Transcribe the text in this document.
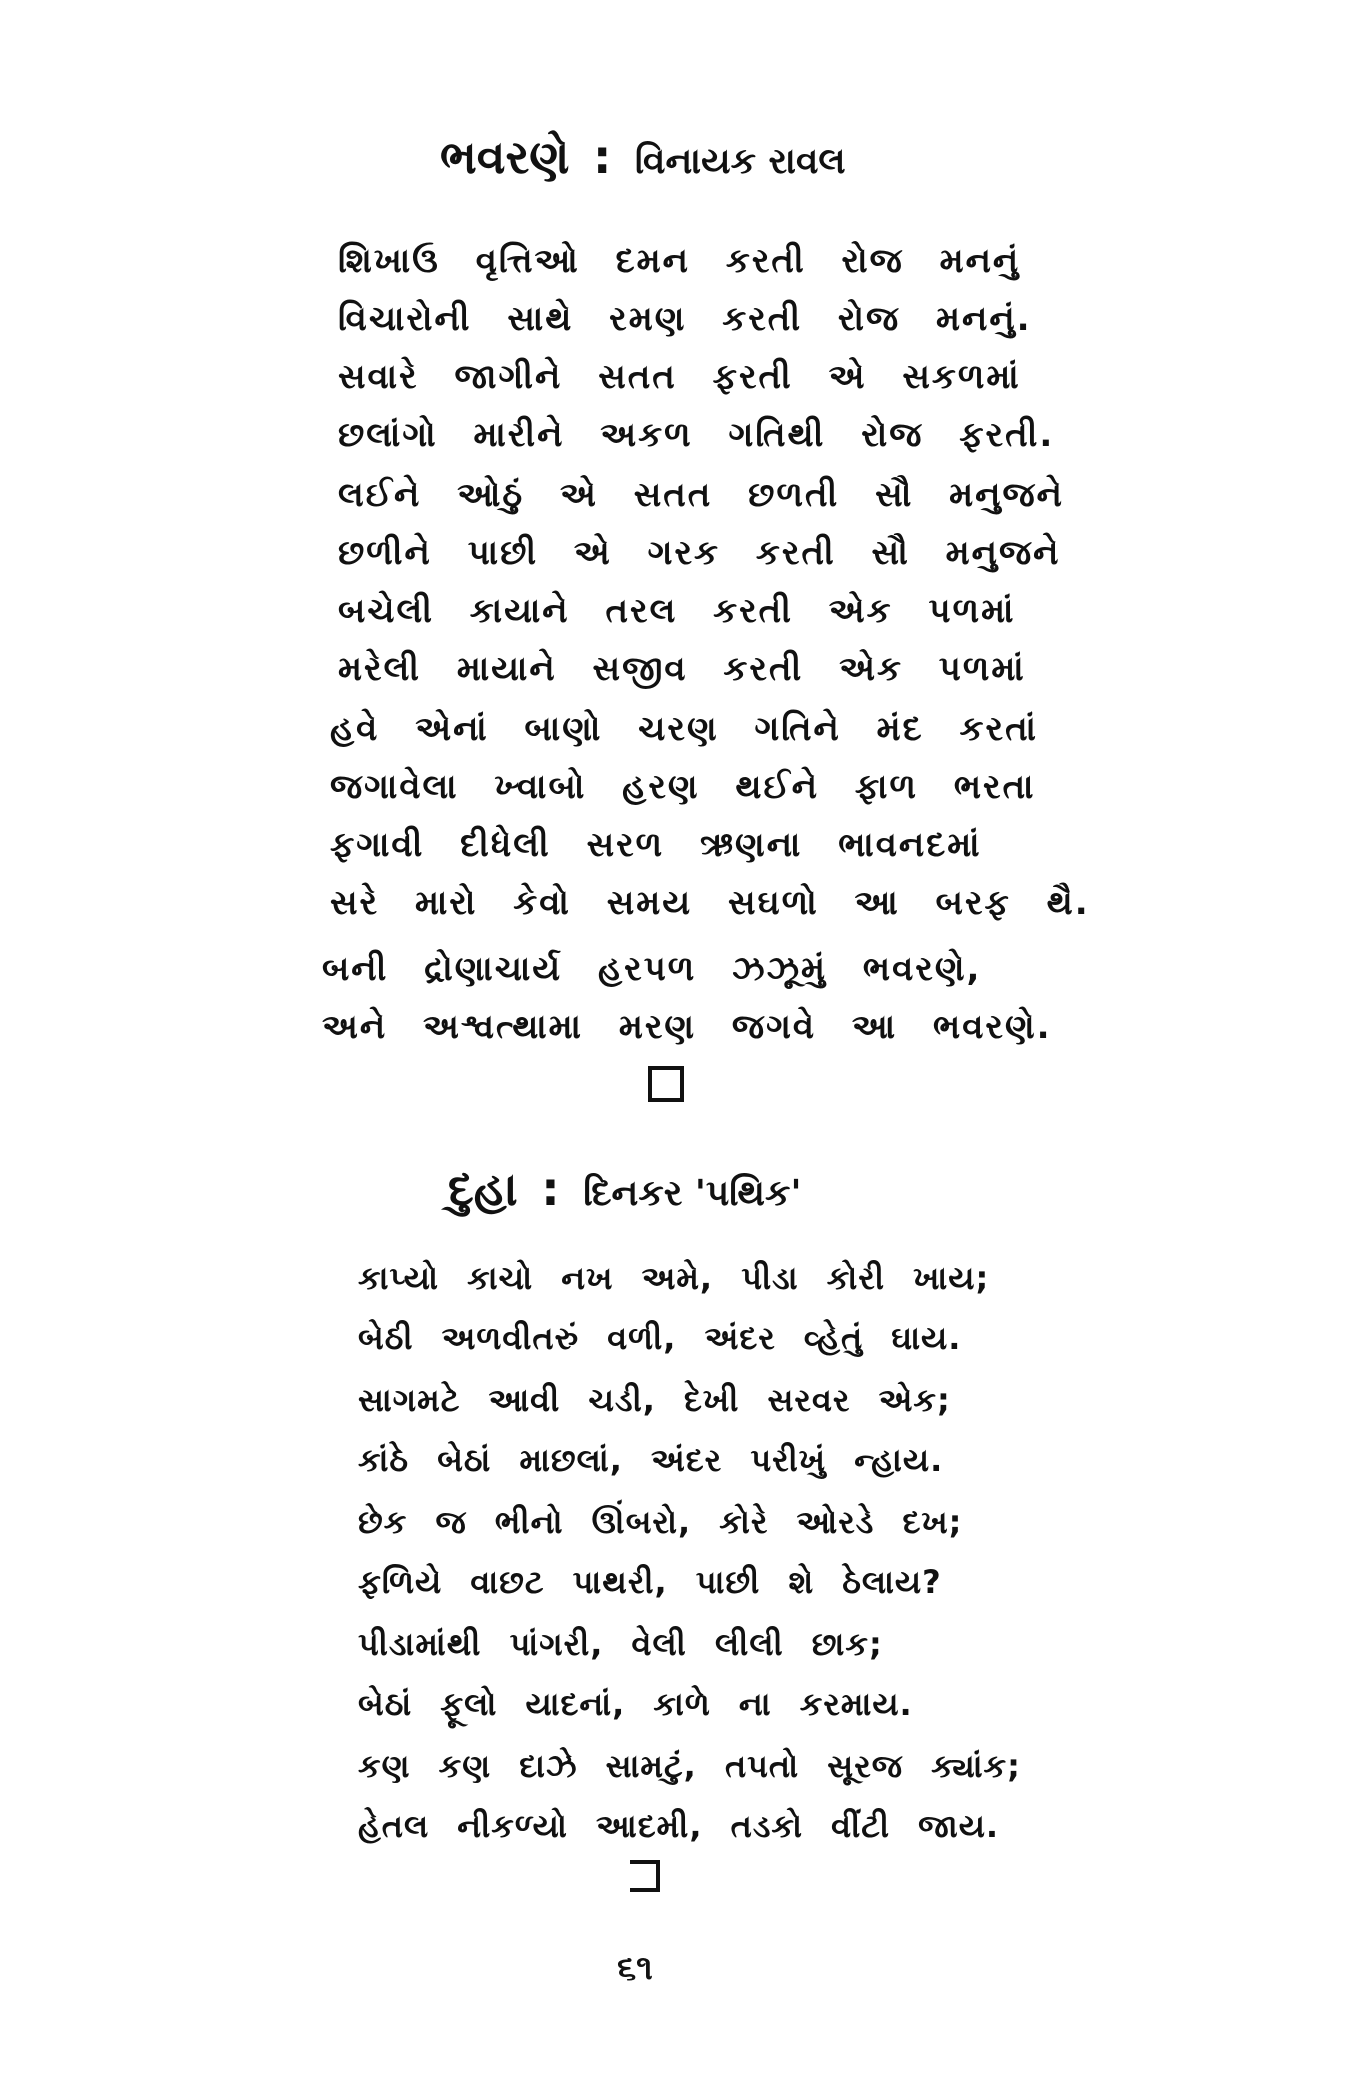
ભવરણે : વિનાયક રાવલ
શિખાઉ વૃત્તિઓ દમન કરતી રોજ મનનું
વિચારોની સાથે રમણ કરતી રોજ મનનું.
સવારે જાગીને સતત ફરતી એ સકળમાં
છલાંગો મારીને અકળ ગતિથી રોજ ફરતી.
લઈને ઓઠું એ સતત છળતી સૌ મનુજને
છળીને પાછી એ ગરક કરતી સૌ મનુજને
બચેલી કાયાને તરલ કરતી એક પળમાં
મરેલી માયાને સજીવ કરતી એક પળમાં
હવે એનાં બાણો ચરણ ગતિને મંદ કરતાં
જગાવેલા ખ્વાબો હરણ થઈને ફાળ ભરતા
ફગાવી દીધેલી સરળ ઋણના ભાવનદમાં
સરે મારો કેવો સમય સઘળો આ બરફ થૈ.
બની દ્રોણાચાર્ય હરપળ ઝઝૂમું ભવરણે,
અને અશ્વત્થામા મરણ જગવે આ ભવરણે.
દુહા : દિનકર 'પથિક'
કાપ્યો કાચો નખ અમે, પીડા કોરી ખાય;
બેઠી અળવીતરું વળી, અંદર વ્હેતું ઘાય.
સાગમટે આવી ચડી, દેખી સરવર એક;
કાંઠે બેઠાં માછલાં, અંદર પરીખું ન્હાય.
છેક જ ભીનો ઊંબરો, કોરે ઓરડે દખ;
ફળિયે વાછટ પાથરી, પાછી શે ઠેલાય?
પીડામાંથી પાંગરી, વેલી લીલી છાક;
બેઠાં ફૂલો યાદનાં, કાળે ના કરમાય.
કણ કણ દાઝે સામટું, તપતો સૂરજ ક્યાંક;
હેતલ નીકળ્યો આદમી, તડકો વીંટી જાય.
૬૧
